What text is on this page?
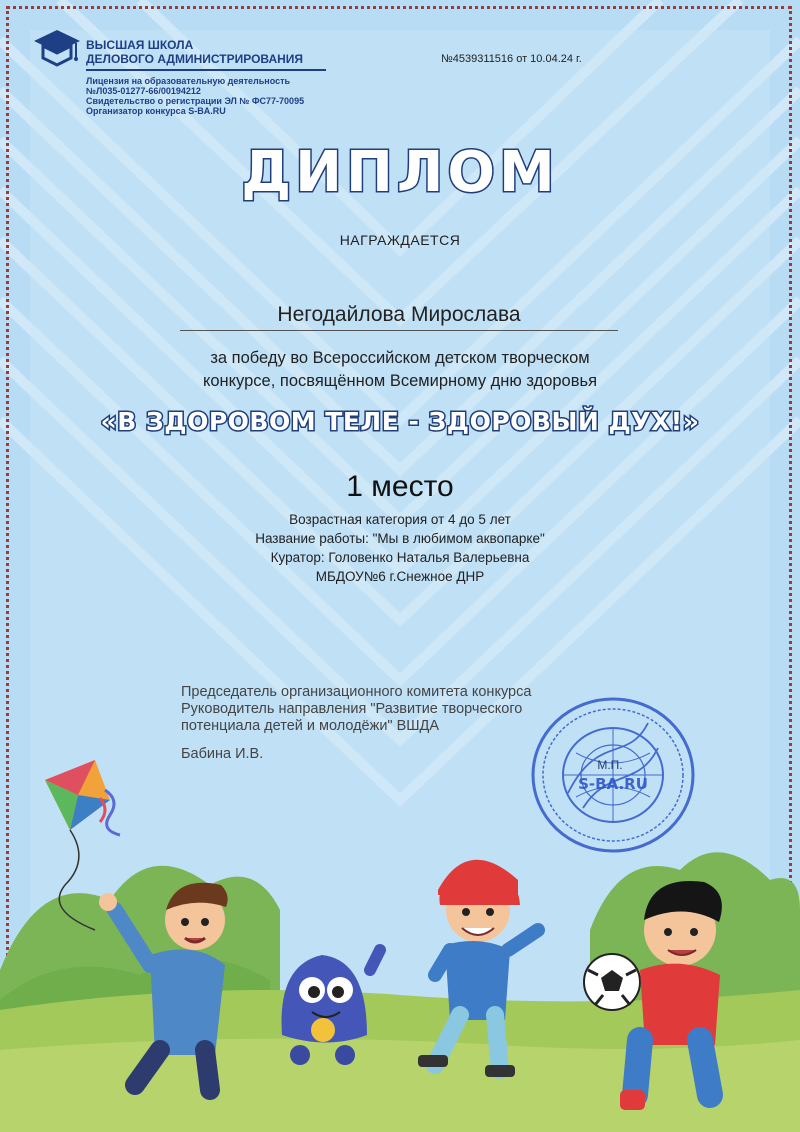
ВЫСШАЯ ШКОЛА

ДЕЛОВОГО АДМИНИСТРИРОВАНИЯ
Лицензия на образовательную деятельность
№Л035-01277-66/00194212
Свидетельство о регистрации ЭЛ № ФС77-70095
Организатор конкурса S-BA.RU
№4539311516 от 10.04.24 г.
ДИПЛОМ
НАГРАЖДАЕТСЯ
Негодайлова Мирослава
за победу во Всероссийском детском творческом
конкурсе, посвящённом Всемирному дню здоровья
«В ЗДОРОВОМ ТЕЛЕ - ЗДОРОВЫЙ ДУХ!»
1 место
Возрастная категория от 4 до 5 лет
Название работы: "Мы в любимом аквопарке"
Куратор: Головенко Наталья Валерьевна
МБДОУ№6 г.Снежное ДНР
Председатель организационного комитета конкурса
Руководитель направления "Развитие творческого
потенциала детей и молодёжи" ВШДА
Бабина И.В.
S-BA.RU
М.П.
